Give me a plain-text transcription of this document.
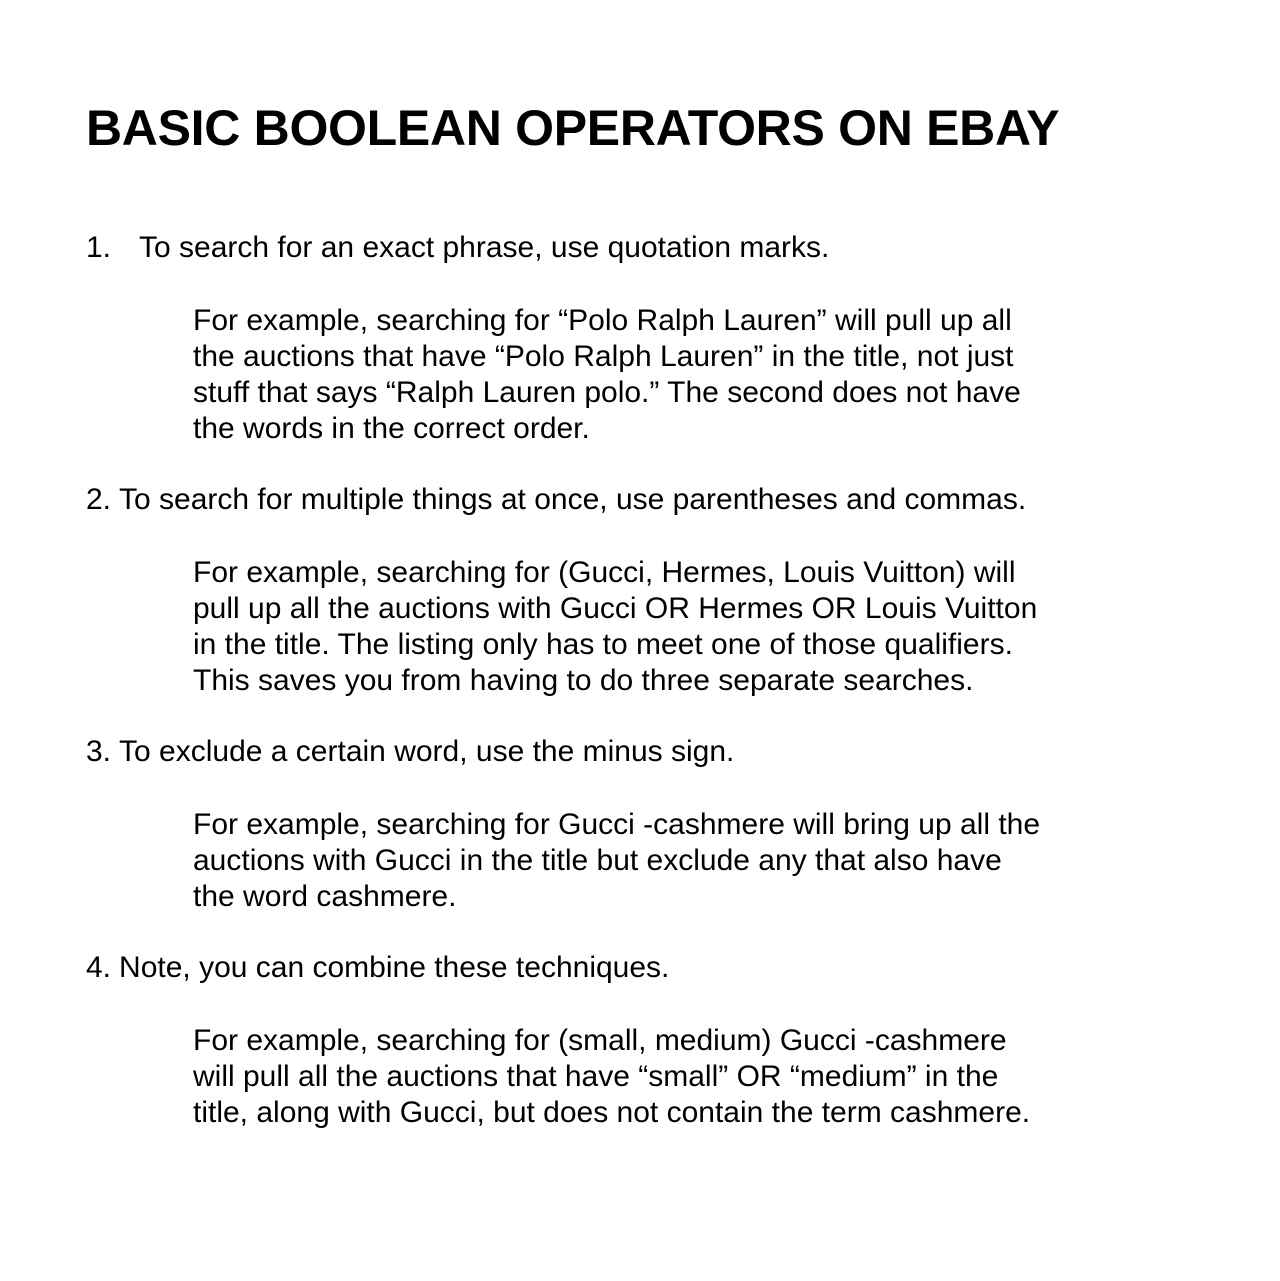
BASIC BOOLEAN OPERATORS ON EBAY

1. To search for an exact phrase, use quotation marks.

For example, searching for “Polo Ralph Lauren” will pull up all
the auctions that have “Polo Ralph Lauren” in the title, not just
stuff that says “Ralph Lauren polo.” The second does not have
the words in the correct order.

2. To search for multiple things at once, use parentheses and commas.

For example, searching for (Gucci, Hermes, Louis Vuitton) will
pull up all the auctions with Gucci OR Hermes OR Louis Vuitton
in the title. The listing only has to meet one of those qualifiers.
This saves you from having to do three separate searches.

3. To exclude a certain word, use the minus sign.

For example, searching for Gucci -cashmere will bring up all the
auctions with Gucci in the title but exclude any that also have
the word cashmere.

4. Note, you can combine these techniques.

For example, searching for (small, medium) Gucci -cashmere
will pull all the auctions that have “small” OR “medium” in the
title, along with Gucci, but does not contain the term cashmere.
